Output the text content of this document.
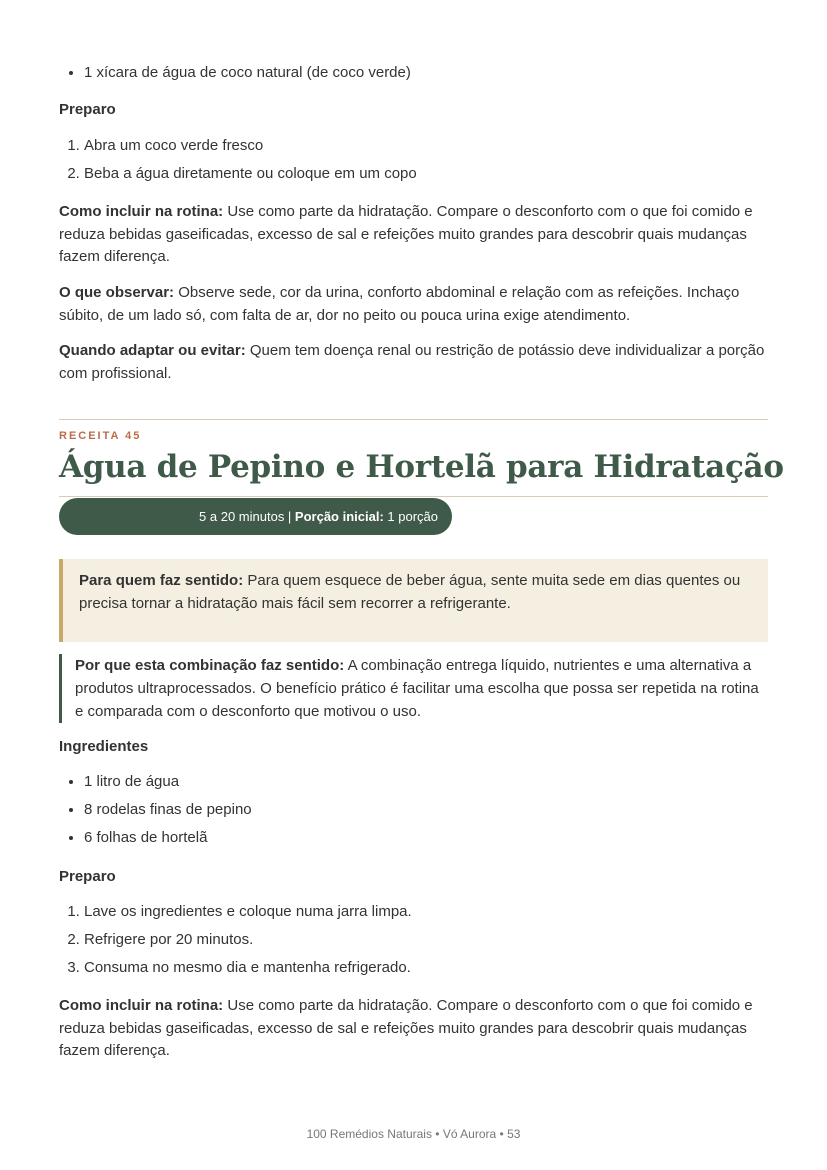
• 1 xícara de água de coco natural (de coco verde)

Preparo

1. Abra um coco verde fresco
2. Beba a água diretamente ou coloque em um copo

Como incluir na rotina: Use como parte da hidratação. Compare o desconforto com o que foi comido e reduza bebidas gaseificadas, excesso de sal e refeições muito grandes para descobrir quais mudanças fazem diferença.

O que observar: Observe sede, cor da urina, conforto abdominal e relação com as refeições. Inchaço súbito, de um lado só, com falta de ar, dor no peito ou pouca urina exige atendimento.

Quando adaptar ou evitar: Quem tem doença renal ou restrição de potássio deve individualizar a porção com profissional.

RECEITA 45
Água de Pepino e Hortelã para Hidratação
5 a 20 minutos | Porção inicial: 1 porção

Para quem faz sentido: Para quem esquece de beber água, sente muita sede em dias quentes ou precisa tornar a hidratação mais fácil sem recorrer a refrigerante.

Por que esta combinação faz sentido: A combinação entrega líquido, nutrientes e uma alternativa a produtos ultraprocessados. O benefício prático é facilitar uma escolha que possa ser repetida na rotina e comparada com o desconforto que motivou o uso.

Ingredientes

• 1 litro de água
• 8 rodelas finas de pepino
• 6 folhas de hortelã

Preparo

1. Lave os ingredientes e coloque numa jarra limpa.
2. Refrigere por 20 minutos.
3. Consuma no mesmo dia e mantenha refrigerado.

Como incluir na rotina: Use como parte da hidratação. Compare o desconforto com o que foi comido e reduza bebidas gaseificadas, excesso de sal e refeições muito grandes para descobrir quais mudanças fazem diferença.

100 Remédios Naturais • Vó Aurora • 53
